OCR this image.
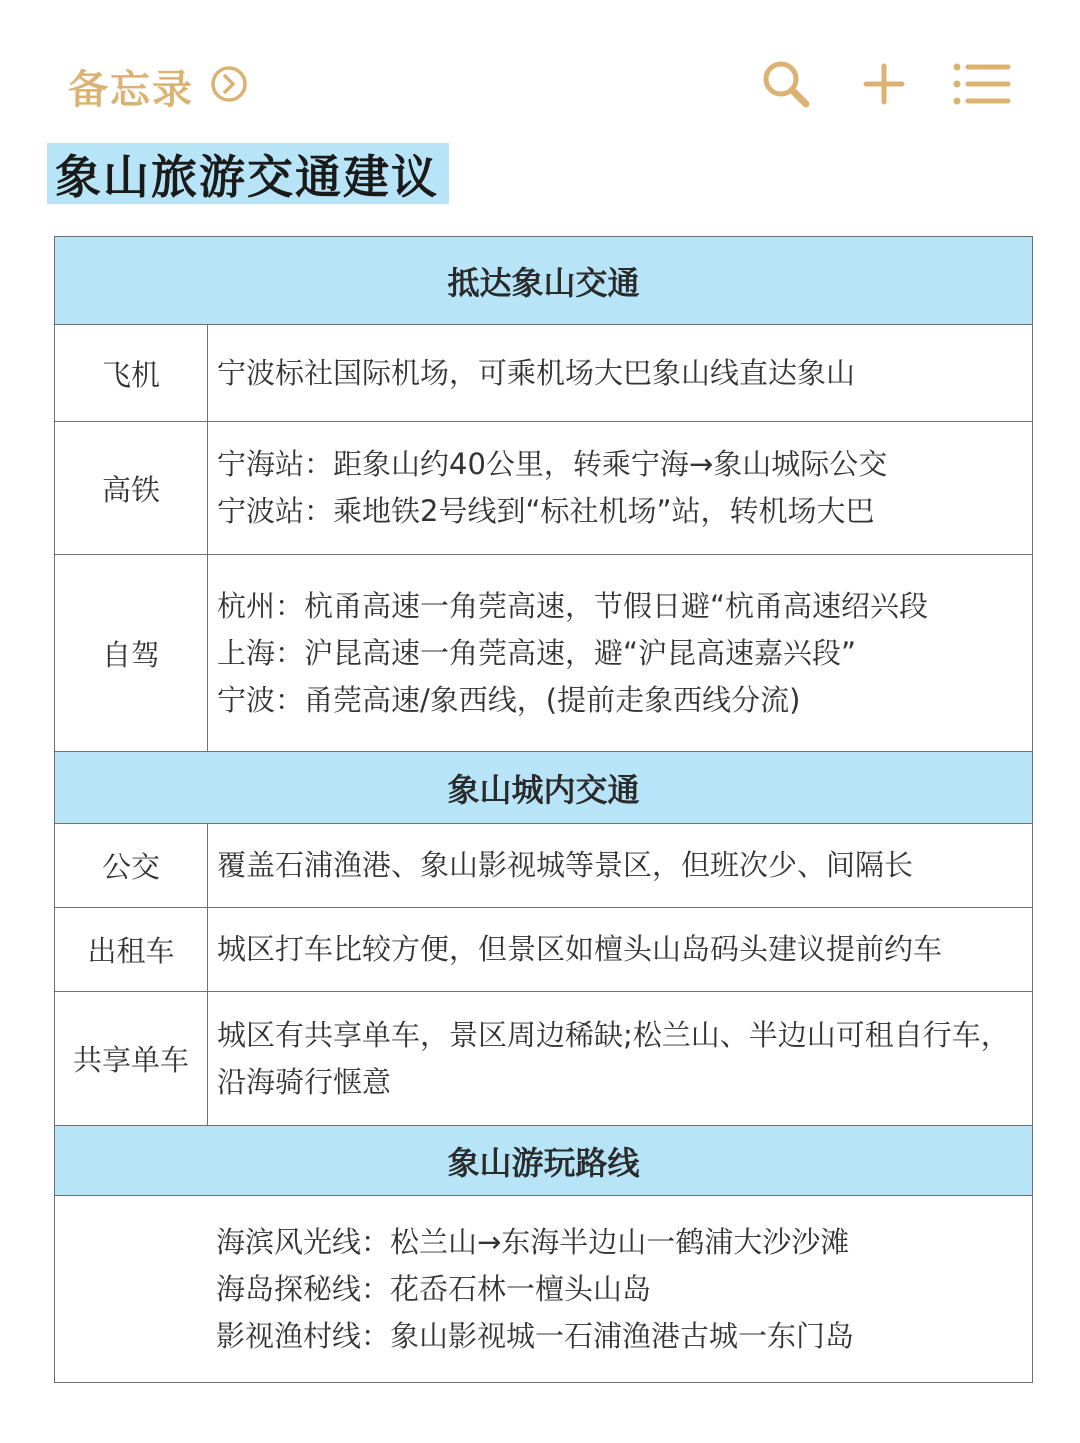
备忘录
象山旅游交通建议
抵达象山交通	
飞机	宁波标社国际机场，可乘机场大巴象山线直达象山

高铁	宁海站：距象山约40公里，转乘宁海→象山城际公交
宁波站：乘地铁2号线到“标社机场”站，转机场大巴

自驾	杭州：杭甬高速一角莞高速，节假日避“杭甬高速绍兴段
上海：沪昆高速一角莞高速，避“沪昆高速嘉兴段”
宁波：甬莞高速/象西线，(提前走象西线分流)

象山城内交通	
公交	覆盖石浦渔港、象山影视城等景区，但班次少、间隔长

出租车	城区打车比较方便，但景区如檀头山岛码头建议提前约车

共享单车	城区有共享单车，景区周边稀缺;松兰山、半边山可租自行车，沿海骑行惬意

象山游玩路线	

海滨风光线：松兰山→东海半边山一鹤浦大沙沙滩
海岛探秘线：花岙石林一檀头山岛
影视渔村线：象山影视城一石浦渔港古城一东门岛	
